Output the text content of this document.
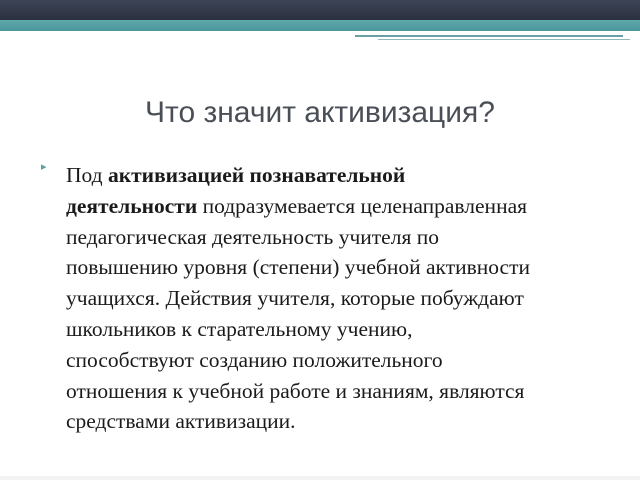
Что значит активизация?
▸ Под активизацией познавательной
деятельности подразумевается целенаправленная
педагогическая деятельность учителя по
повышению уровня (степени) учебной активности
учащихся. Действия учителя, которые побуждают
школьников к старательному учению,
способствуют созданию положительного
отношения к учебной работе и знаниям, являются
средствами активизации.
